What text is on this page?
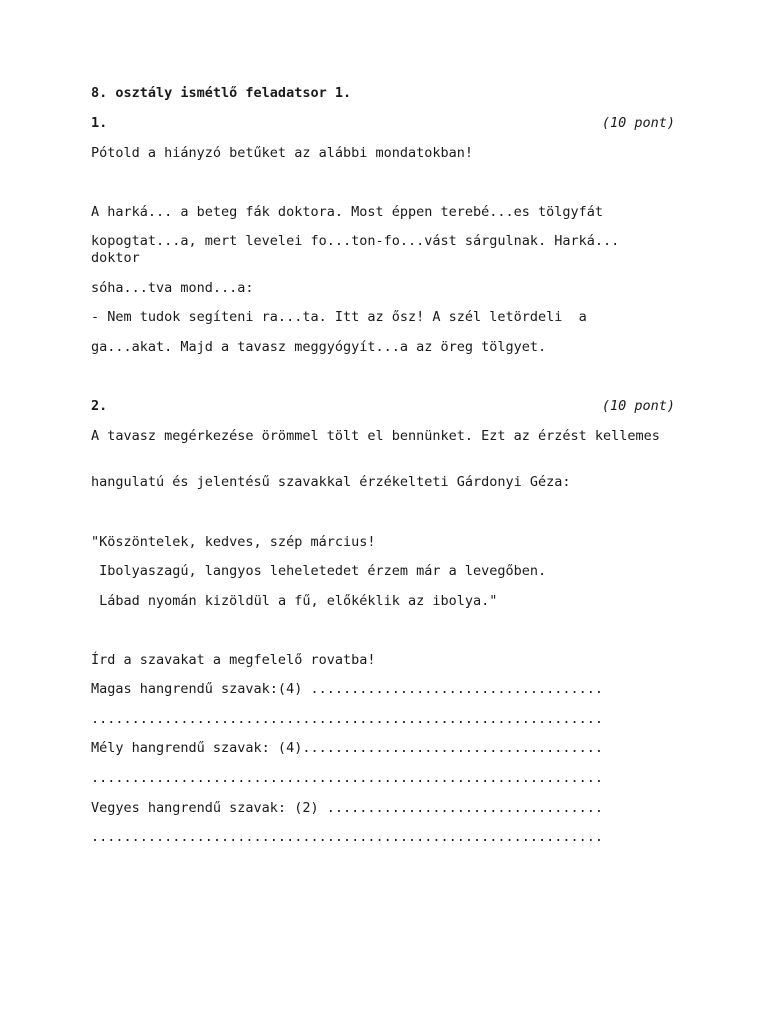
8. osztály ismétlő feladatsor 1.

1.	(10 pont)

Pótold a hiányzó betűket az alábbi mondatokban!

A harká... a beteg fák doktora. Most éppen terebé...es tölgyfát

kopogtat...a, mert levelei fo...ton-fo...vást sárgulnak. Harká... doktor

sóha...tva mond...a:

- Nem tudok segíteni ra...ta. Itt az ősz! A szél letördeli  a

ga...akat. Majd a tavasz meggyógyít...a az öreg tölgyet.

2.	(10 pont)

A tavasz megérkezése örömmel tölt el bennünket. Ezt az érzést kellemes

hangulatú és jelentésű szavakkal érzékelteti Gárdonyi Géza:

"Köszöntelek, kedves, szép március!

Ibolyaszagú, langyos leheletedet érzem már a levegőben.

Lábad nyomán kizöldül a fű, előkéklik az ibolya."

Írd a szavakat a megfelelő rovatba!

Magas hangrendű szavak:(4) ....................................

...............................................................

Mély hangrendű szavak: (4).....................................

...............................................................

Vegyes hangrendű szavak: (2) ..................................

...............................................................
